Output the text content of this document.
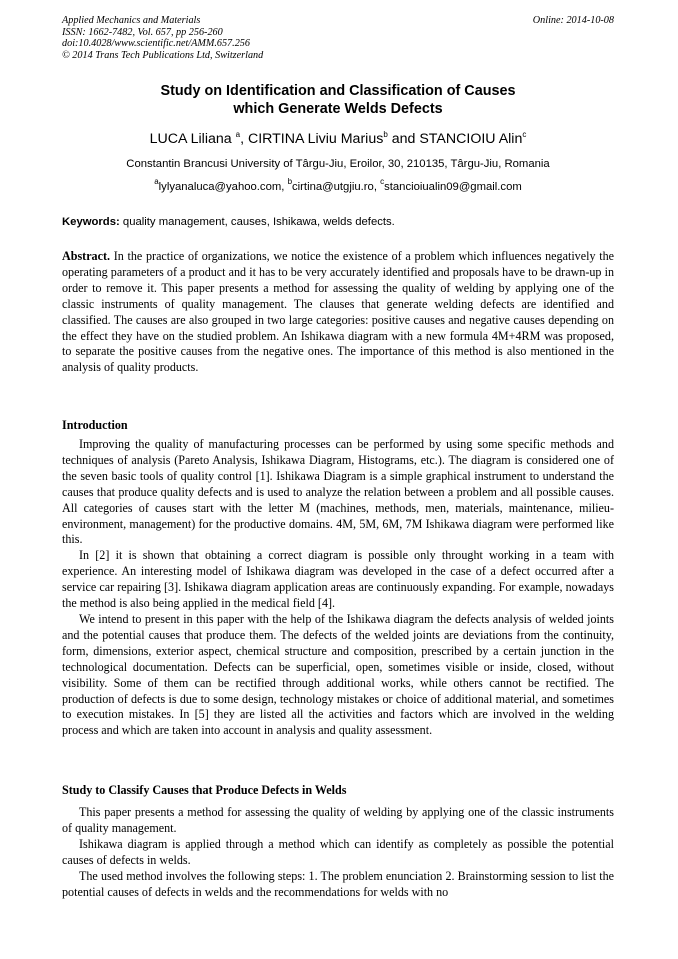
Applied Mechanics and Materials
ISSN: 1662-7482, Vol. 657, pp 256-260
doi:10.4028/www.scientific.net/AMM.657.256
© 2014 Trans Tech Publications Ltd, Switzerland
Online: 2014-10-08
Study on Identification and Classification of Causes
which Generate Welds Defects
LUCA Liliana $^a$, CIRTINA Liviu Marius$^b$ and STANCIOIU Alin$^c$
Constantin Brancusi University of Târgu-Jiu, Eroilor, 30, 210135, Târgu-Jiu, Romania
$^a$lylyanaluca@yahoo.com, $^b$cirtina@utgjiu.ro, $^c$stancioiualin09@gmail.com
Keywords: quality management, causes, Ishikawa, welds defects.

Abstract. In the practice of organizations, we notice the existence of a problem which influences negatively the operating parameters of a product and it has to be very accurately identified and proposals have to be drawn-up in order to remove it. This paper presents a method for assessing the quality of welding by applying one of the classic instruments of quality management. The clauses that generate welding defects are identified and classified. The causes are also grouped in two large categories: positive causes and negative causes depending on the effect they have on the studied problem. An Ishikawa diagram with a new formula 4M+4RM was proposed, to separate the positive causes from the negative ones. The importance of this method is also mentioned in the analysis of quality products.

Introduction

Improving the quality of manufacturing processes can be performed by using some specific methods and techniques of analysis (Pareto Analysis, Ishikawa Diagram, Histograms, etc.). The diagram is considered one of the seven basic tools of quality control [1]. Ishikawa Diagram is a simple graphical instrument to understand the causes that produce quality defects and is used to analyze the relation between a problem and all possible causes. All categories of causes start with the letter M (machines, methods, men, materials, maintenance, milieu-environment, management) for the productive domains. 4M, 5M, 6M, 7M Ishikawa diagram were performed like this.

In [2] it is shown that obtaining a correct diagram is possible only throught working in a team with experience. An interesting model of Ishikawa diagram was developed in the case of a defect occurred after a service car repairing [3]. Ishikawa diagram application areas are continuously expanding. For example, nowadays the method is also being applied in the medical field [4].

We intend to present in this paper with the help of the Ishikawa diagram the defects analysis of welded joints and the potential causes that produce them. The defects of the welded joints are deviations from the continuity, form, dimensions, exterior aspect, chemical structure and composition, prescribed by a certain junction in the technological documentation. Defects can be superficial, open, sometimes visible or inside, closed, without visibility. Some of them can be rectified through additional works, while others cannot be rectified. The production of defects is due to some design, technology mistakes or choice of additional material, and sometimes to execution mistakes. In [5] they are listed all the activities and factors which are involved in the welding process and which are taken into account in analysis and quality assessment.

Study to Classify Causes that Produce Defects in Welds

This paper presents a method for assessing the quality of welding by applying one of the classic instruments of quality management.

Ishikawa diagram is applied through a method which can identify as completely as possible the potential causes of defects in welds.

The used method involves the following steps: 1. The problem enunciation 2. Brainstorming session to list the potential causes of defects in welds and the recommendations for welds with no
